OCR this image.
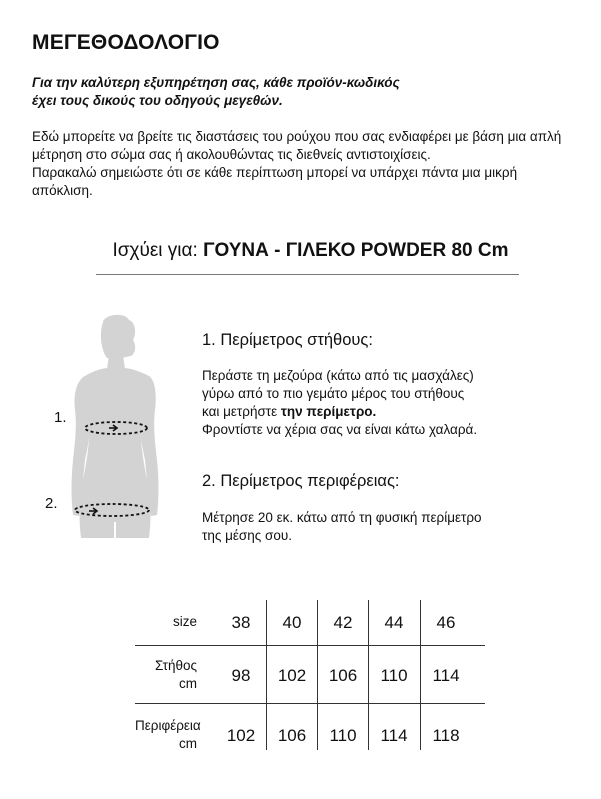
ΜΕΓΕΘΟΔΟΛΟΓΙΟ
Για την καλύτερη εξυπηρέτηση σας, κάθε προϊόν-κωδικός
έχει τους δικούς του οδηγούς μεγεθών.

Εδώ μπορείτε να βρείτε τις διαστάσεις του ρούχου που σας ενδιαφέρει με βάση μια απλή μέτρηση στο σώμα σας ή ακολουθώντας τις διεθνείς αντιστοιχίσεις.

Παρακαλώ σημειώστε ότι σε κάθε περίπτωση μπορεί να υπάρχει πάντα μια μικρή απόκλιση.

Ισχύει για: ΓΟΥΝΑ - ΓΙΛΕΚΟ POWDER 80 Cm
1.
2.
1. Περίμετρος στήθους:

Περάστε τη μεζούρα (κάτω από τις μασχάλες)

γύρω από το πιο γεμάτο μέρος του στήθους

και μετρήστε την περίμετρο.

Φροντίστε να χέρια σας να είναι κάτω χαλαρά.

2. Περίμετρος περιφέρειας:

Μέτρησε 20 εκ. κάτω από τη φυσική περίμετρο

της μέσης σου.

size	38	40	42	44	46
Στήθος
cm	98	102	106	110	114
Περιφέρεια
cm	102	106	110	114	118
